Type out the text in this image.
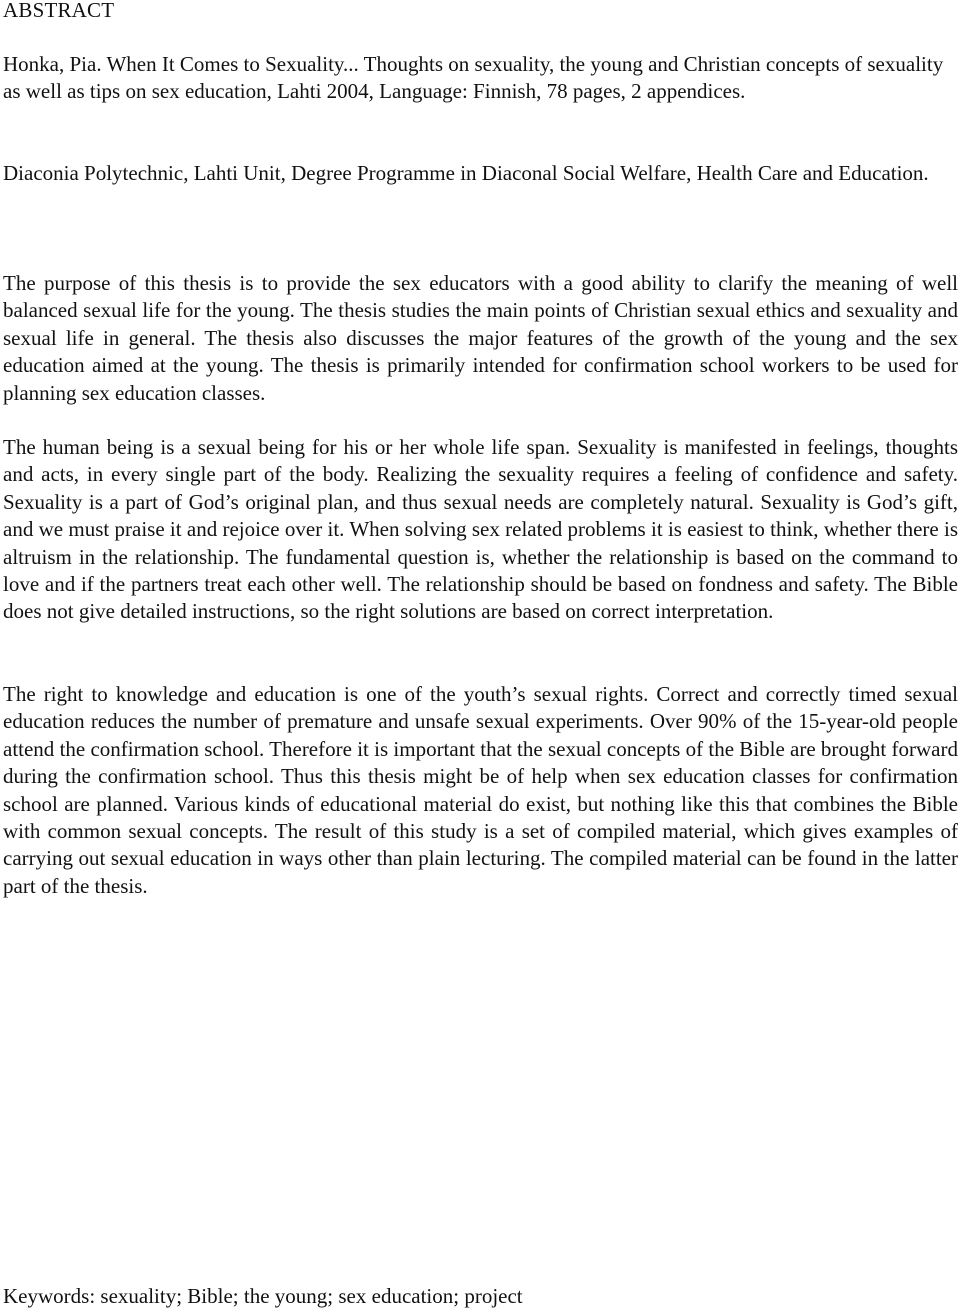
ABSTRACT

Honka, Pia. When It Comes to Sexuality... Thoughts on sexuality, the young and Christian concepts of sexuality as well as tips on sex education, Lahti 2004, Language: Finnish, 78 pages, 2 appendices.

Diaconia Polytechnic, Lahti Unit, Degree Programme in Diaconal Social Welfare, Health Care and Education.

The purpose of this thesis is to provide the sex educators with a good ability to clarify the meaning of well balanced sexual life for the young. The thesis studies the main points of Christian sexual ethics and sexuality and sexual life in general. The thesis also discusses the major features of the growth of the young and the sex education aimed at the young. The thesis is primarily intended for confirmation school workers to be used for planning sex education classes.

The human being is a sexual being for his or her whole life span. Sexuality is manifested in feelings, thoughts and acts, in every single part of the body. Realizing the sexuality requires a feeling of confidence and safety. Sexuality is a part of God’s original plan, and thus sexual needs are completely natural. Sexuality is God’s gift, and we must praise it and rejoice over it. When solving sex related problems it is easiest to think, whether there is altruism in the relationship. The fundamental question is, whether the relationship is based on the command to love and if the partners treat each other well. The relationship should be based on fondness and safety. The Bible does not give detailed instructions, so the right solutions are based on correct interpretation.

The right to knowledge and education is one of the youth’s sexual rights. Correct and correctly timed sexual education reduces the number of premature and unsafe sexual experiments. Over 90% of the 15-year-old people attend the confirmation school. Therefore it is important that the sexual concepts of the Bible are brought forward during the confirmation school. Thus this thesis might be of help when sex education classes for confirmation school are planned. Various kinds of educational material do exist, but nothing like this that combines the Bible with common sexual concepts. The result of this study is a set of compiled material, which gives examples of carrying out sexual education in ways other than plain lecturing. The compiled material can be found in the latter part of the thesis.

Keywords: sexuality; Bible; the young; sex education; project
